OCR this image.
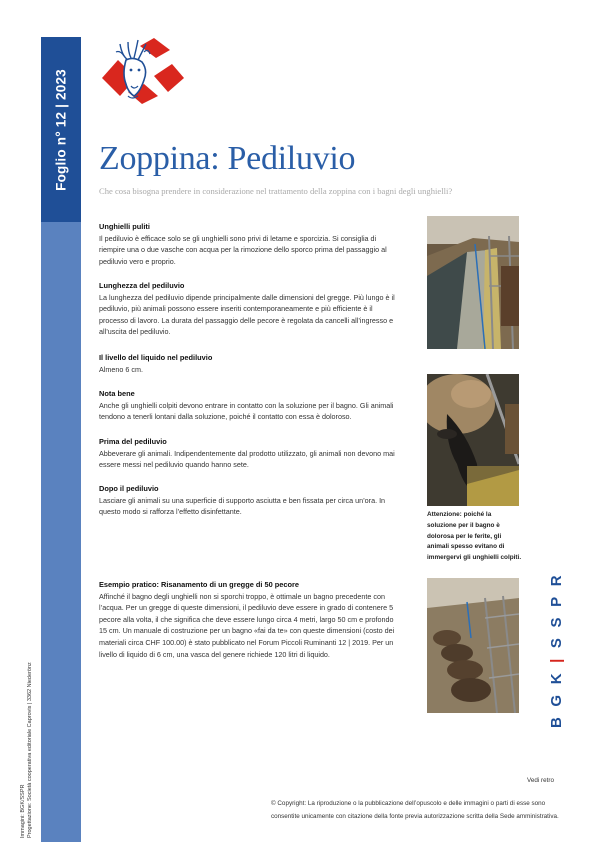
Foglio n° 12 | 2023
Immagini: BGK/SSPR Progettazione: Società cooperativa editoriale Caprovis | 3362 Niederönz
Zoppina: Pediluvio
Che cosa bisogna prendere in considerazione nel trattamento della zoppina con i bagni degli unghielli?
Unghielli puliti

Il pediluvio è efficace solo se gli unghielli sono privi di letame e sporcizia. Si consiglia di riempire una o due vasche con acqua per la rimozione dello sporco prima del passaggio al pediluvio vero e proprio.

Lunghezza del pediluvio

La lunghezza del pediluvio dipende principalmente dalle dimensioni del gregge. Più lungo è il pediluvio, più animali possono essere inseriti contemporaneamente e più efficiente è il processo di lavoro. La durata del passaggio delle pecore è regolata da cancelli all’ingresso e all’uscita del pediluvio.

Il livello del liquido nel pediluvio

Almeno 6 cm.

Nota bene

Anche gli unghielli colpiti devono entrare in contatto con la soluzione per il bagno. Gli animali tendono a tenerli lontani dalla soluzione, poiché il contatto con essa è doloroso.

Prima del pediluvio

Abbeverare gli animali. Indipendentemente dal prodotto utilizzato, gli animali non devono mai essere messi nel pediluvio quando hanno sete.

Dopo il pediluvio

Lasciare gli animali su una superficie di supporto asciutta e ben fissata per circa un’ora. In questo modo si rafforza l’effetto disinfettante.

Esempio pratico: Risanamento di un gregge di 50 pecore

Affinché il bagno degli unghielli non si sporchi troppo, è ottimale un bagno precedente con l’acqua. Per un gregge di queste dimensioni, il pediluvio deve essere in grado di contenere 5 pecore alla volta, il che significa che deve essere lungo circa 4 metri, largo 50 cm e profondo 15 cm. Un manuale di costruzione per un bagno «fai da te» con queste dimensioni (costo dei materiali circa CHF 100.00) è stato pubblicato nel Forum Piccoli Ruminanti 12 | 2019. Per un livello di liquido di 6 cm, una vasca del genere richiede 120 litri di liquido.

Attenzione: poiché la soluzione per il bagno è dolorosa per le ferite, gli animali spesso evitano di immergervi gli unghielli colpiti.
BGK|SSPR
Vedi retro
© Copyright: La riproduzione o la pubblicazione dell’opuscolo e delle immagini o parti di esse sono consentite unicamente con citazione della fonte previa autorizzazione scritta della Sede amministrativa.
